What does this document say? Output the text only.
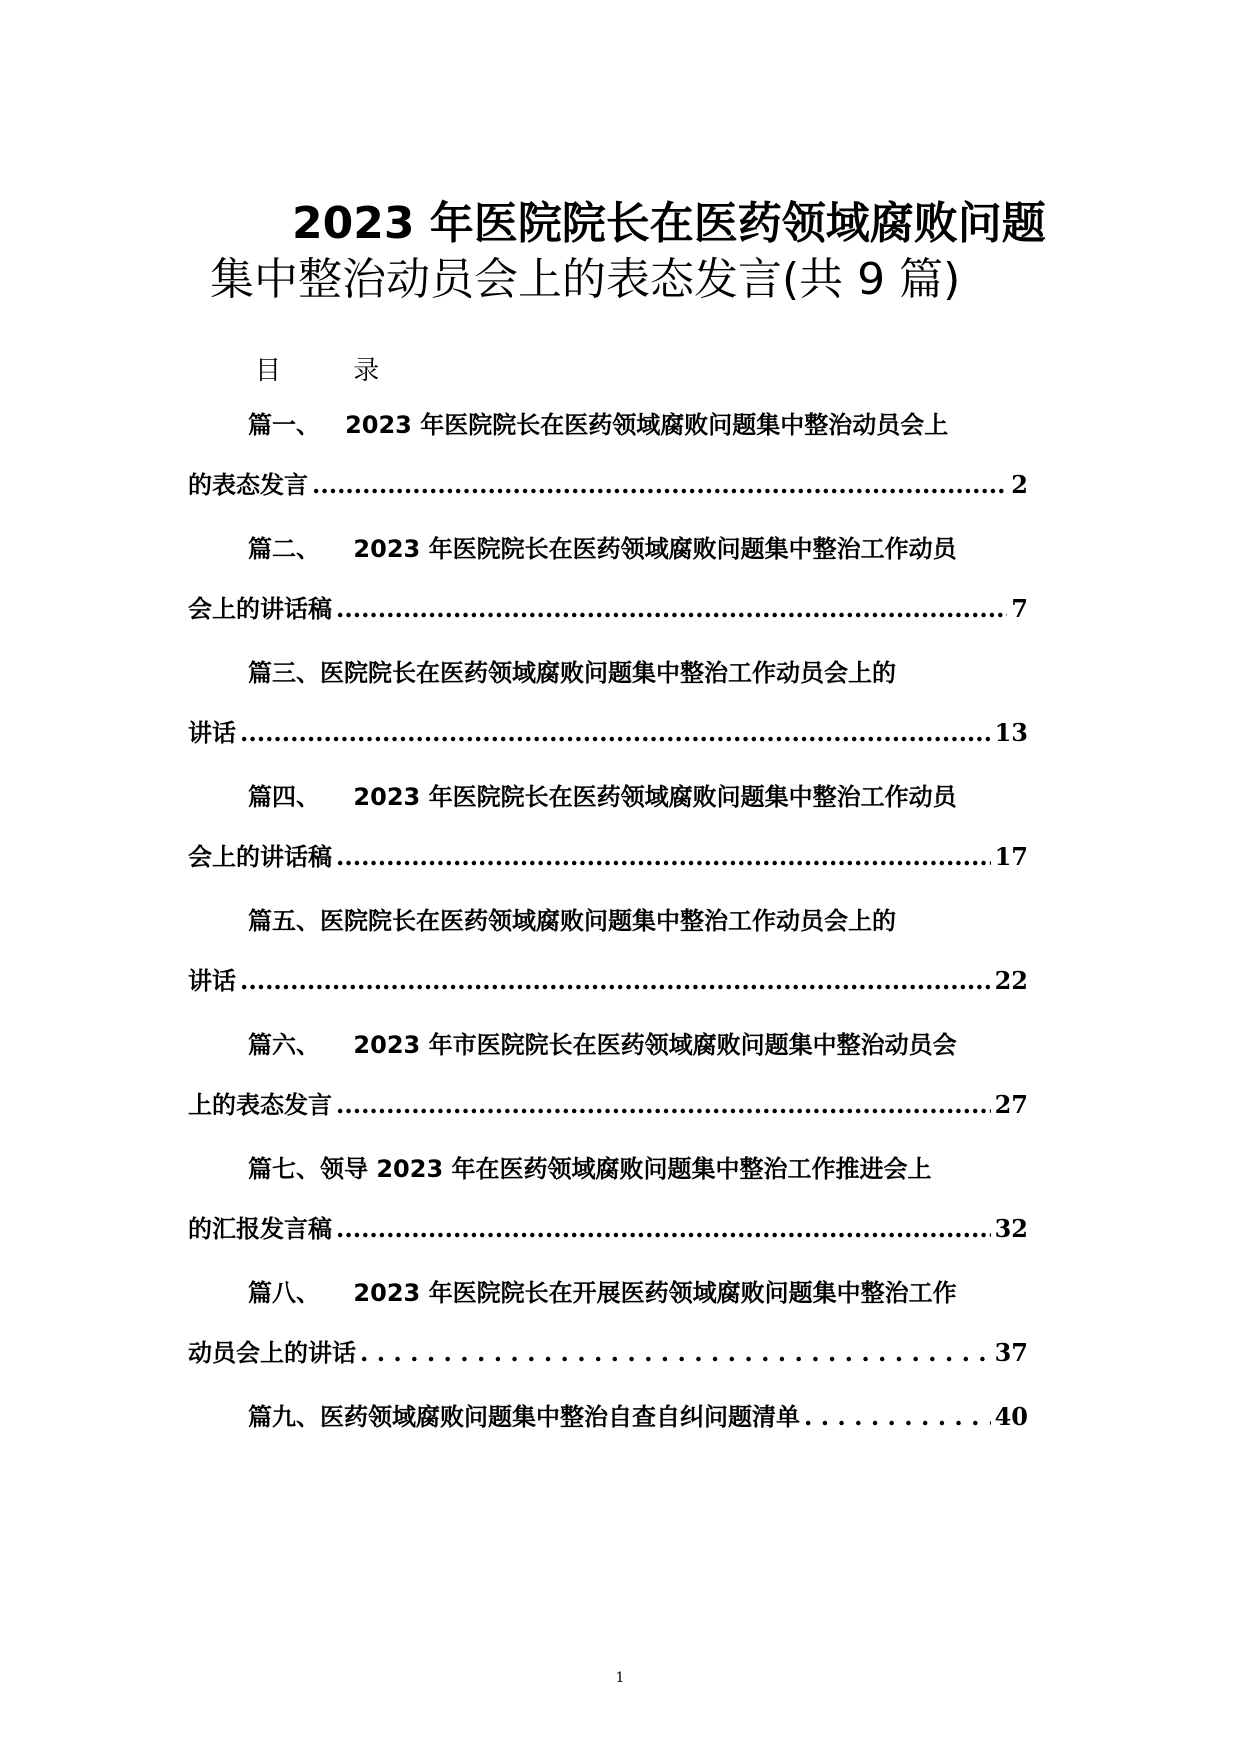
2023 年医院院长在医药领域腐败问题
集中整治动员会上的表态发言(共 9 篇)
目 录
篇一、 2023 年医院院长在医药领域腐败问题集中整治动员会上
的表态发言 .....	2
篇二、 2023 年医院院长在医药领域腐败问题集中整治工作动员
会上的讲话稿 .....	7
篇三、医院院长在医药领域腐败问题集中整治工作动员会上的
讲话 .....	13
篇四、 2023 年医院院长在医药领域腐败问题集中整治工作动员
会上的讲话稿 .....	17
篇五、医院院长在医药领域腐败问题集中整治工作动员会上的
讲话 .....	22
篇六、 2023 年市医院院长在医药领域腐败问题集中整治动员会
上的表态发言 .....	27
篇七、领导 2023 年在医药领域腐败问题集中整治工作推进会上
的汇报发言稿 .....	32
篇八、 2023 年医院院长在开展医药领域腐败问题集中整治工作
动员会上的讲话 . . .	37
篇九、 医药领域腐败问题集中整治自查自纠问题清单 . . .	40
1
